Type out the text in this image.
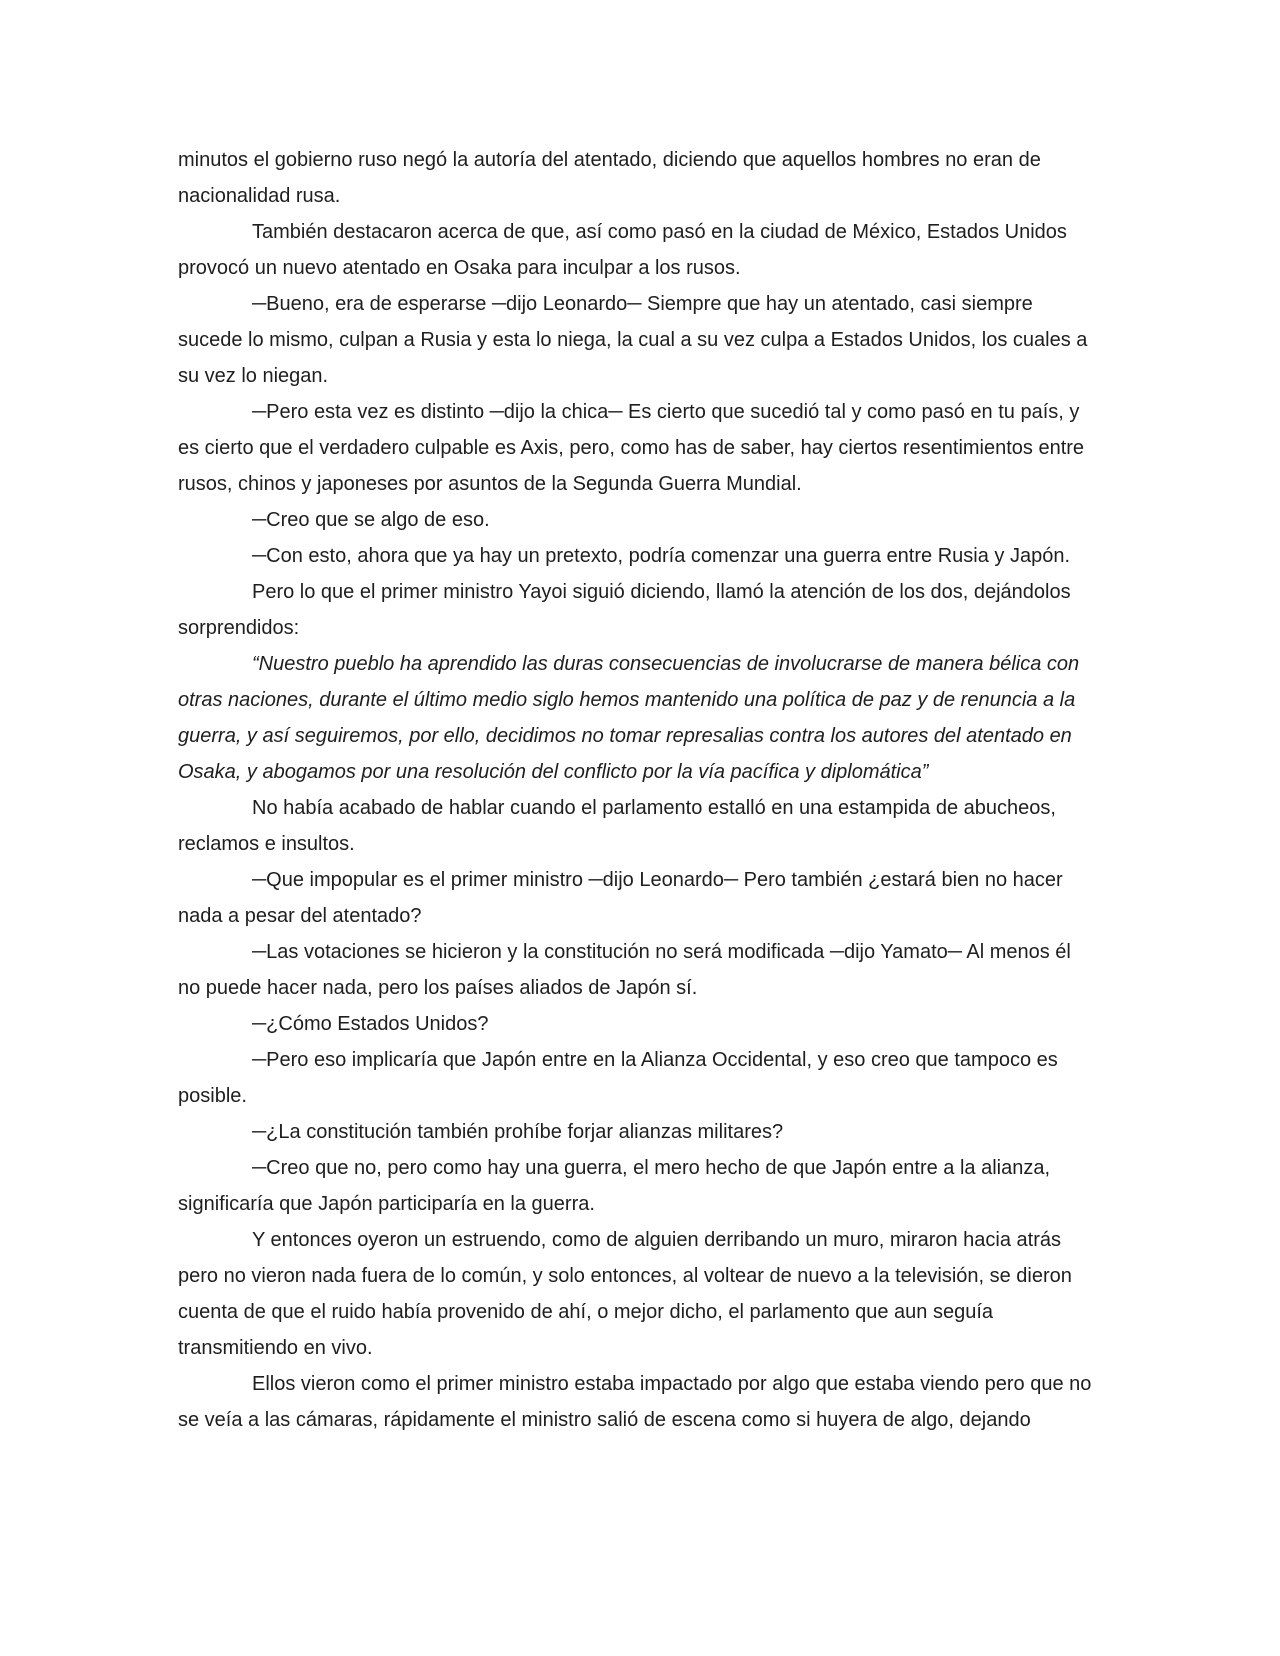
minutos el gobierno ruso negó la autoría del atentado, diciendo que aquellos hombres no eran de nacionalidad rusa.

También destacaron acerca de que, así como pasó en la ciudad de México, Estados Unidos provocó un nuevo atentado en Osaka para inculpar a los rusos.

─Bueno, era de esperarse ─dijo Leonardo─ Siempre que hay un atentado, casi siempre sucede lo mismo, culpan a Rusia y esta lo niega, la cual a su vez culpa a Estados Unidos, los cuales a su vez lo niegan.

─Pero esta vez es distinto ─dijo la chica─ Es cierto que sucedió tal y como pasó en tu país, y es cierto que el verdadero culpable es Axis, pero, como has de saber, hay ciertos resentimientos entre rusos, chinos y japoneses por asuntos de la Segunda Guerra Mundial.

─Creo que se algo de eso.

─Con esto, ahora que ya hay un pretexto, podría comenzar una guerra entre Rusia y Japón.

Pero lo que el primer ministro Yayoi siguió diciendo, llamó la atención de los dos, dejándolos sorprendidos:

“Nuestro pueblo ha aprendido las duras consecuencias de involucrarse de manera bélica con otras naciones, durante el último medio siglo hemos mantenido una política de paz y de renuncia a la guerra, y así seguiremos, por ello, decidimos no tomar represalias contra los autores del atentado en Osaka, y abogamos por una resolución del conflicto por la vía pacífica y diplomática”

No había acabado de hablar cuando el parlamento estalló en una estampida de abucheos, reclamos e insultos.

─Que impopular es el primer ministro ─dijo Leonardo─ Pero también ¿estará bien no hacer nada a pesar del atentado?

─Las votaciones se hicieron y la constitución no será modificada ─dijo Yamato─ Al menos él no puede hacer nada, pero los países aliados de Japón sí.

─¿Cómo Estados Unidos?

─Pero eso implicaría que Japón entre en la Alianza Occidental, y eso creo que tampoco es posible.

─¿La constitución también prohíbe forjar alianzas militares?

─Creo que no, pero como hay una guerra, el mero hecho de que Japón entre a la alianza, significaría que Japón participaría en la guerra.

Y entonces oyeron un estruendo, como de alguien derribando un muro, miraron hacia atrás pero no vieron nada fuera de lo común, y solo entonces, al voltear de nuevo a la televisión, se dieron cuenta de que el ruido había provenido de ahí, o mejor dicho, el parlamento que aun seguía transmitiendo en vivo.

Ellos vieron como el primer ministro estaba impactado por algo que estaba viendo pero que no se veía a las cámaras, rápidamente el ministro salió de escena como si huyera de algo, dejando
